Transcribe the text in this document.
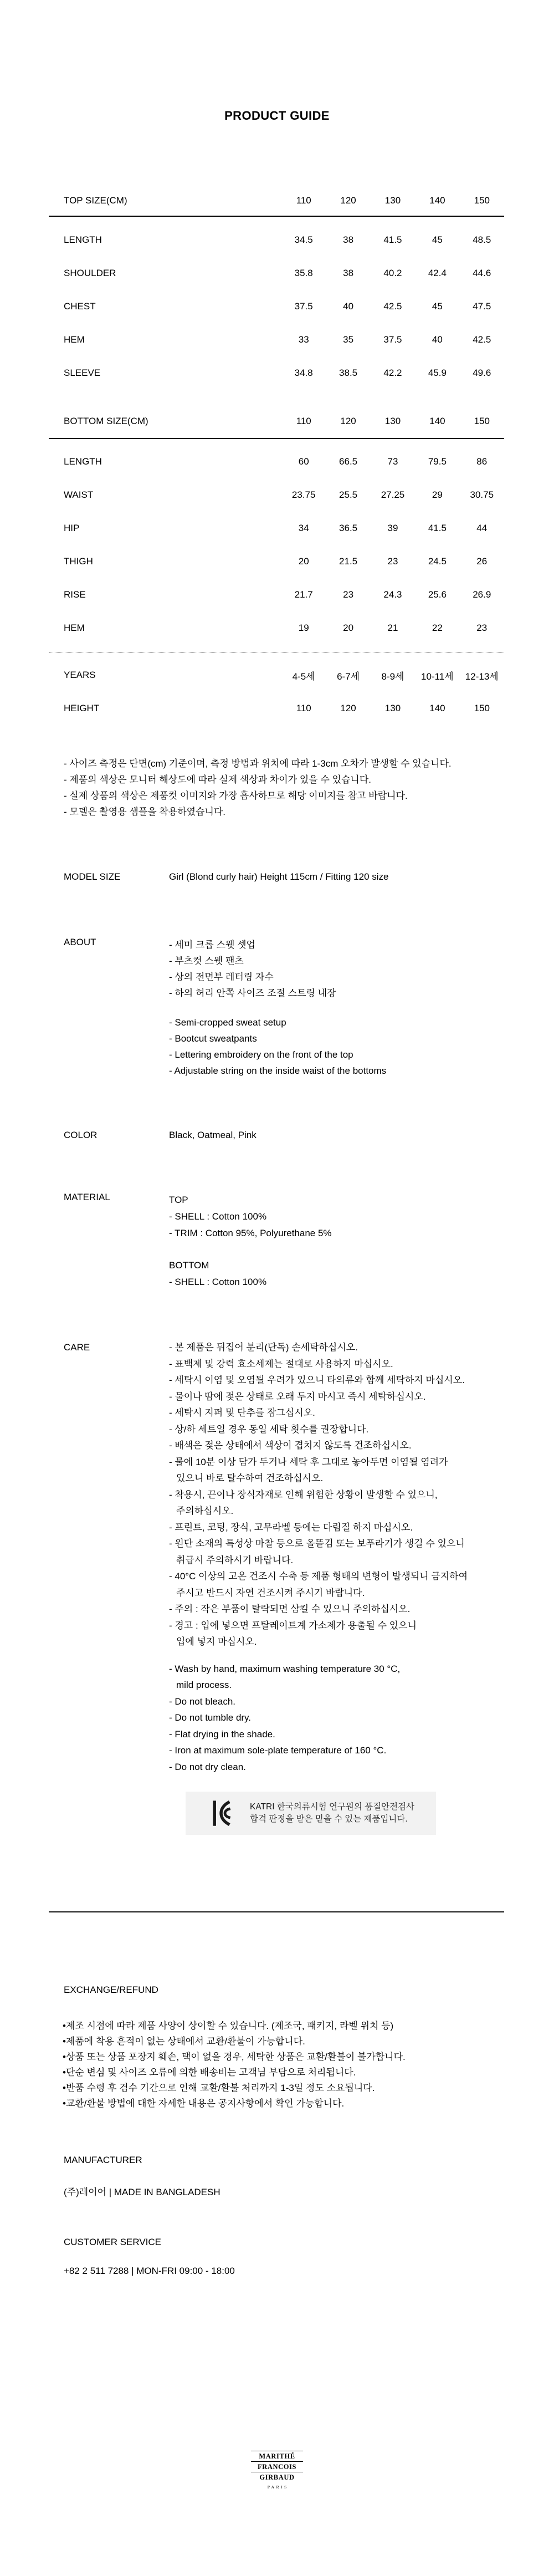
PRODUCT GUIDE
TOP SIZE(CM)	110	120	130	140	150
LENGTH	34.5	38	41.5	45	48.5
SHOULDER	35.8	38	40.2	42.4	44.6
CHEST	37.5	40	42.5	45	47.5
HEM	33	35	37.5	40	42.5
SLEEVE	34.8	38.5	42.2	45.9	49.6
BOTTOM SIZE(CM)	110	120	130	140	150
LENGTH	60	66.5	73	79.5	86
WAIST	23.75	25.5	27.25	29	30.75
HIP	34	36.5	39	41.5	44
THIGH	20	21.5	23	24.5	26
RISE	21.7	23	24.3	25.6	26.9
HEM	19	20	21	22	23
YEARS	4-5세	6-7세	8-9세	10-11세	12-13세
HEIGHT	110	120	130	140	150
- 사이즈 측정은 단면(cm) 기준이며, 측정 방법과 위치에 따라 1-3cm 오차가 발생할 수 있습니다.
- 제품의 색상은 모니터 해상도에 따라 실제 색상과 차이가 있을 수 있습니다.
- 실제 상품의 색상은 제품컷 이미지와 가장 흡사하므로 해당 이미지를 참고 바랍니다.
- 모델은 촬영용 샘플을 착용하였습니다.
MODEL SIZE	Girl (Blond curly hair) Height 115cm / Fitting 120 size
ABOUT	- 세미 크롭 스웻 셋업
- 부츠컷 스웻 팬츠
- 상의 전면부 레터링 자수
- 하의 허리 안쪽 사이즈 조절 스트링 내장
- Semi-cropped sweat setup
- Bootcut sweatpants
- Lettering embroidery on the front of the top
- Adjustable string on the inside waist of the bottoms
COLOR	Black, Oatmeal, Pink
MATERIAL	TOP
- SHELL : Cotton 100%
- TRIM : Cotton 95%, Polyurethane 5%
BOTTOM
- SHELL : Cotton 100%
CARE	- 본 제품은 뒤집어 분리(단독) 손세탁하십시오.
- 표백제 및 강력 효소세제는 절대로 사용하지 마십시오.
- 세탁시 이염 및 오염될 우려가 있으니 타의류와 함께 세탁하지 마십시오.
- 물이나 땀에 젖은 상태로 오래 두지 마시고 즉시 세탁하십시오.
- 세탁시 지퍼 및 단추를 잠그십시오.
- 상/하 세트일 경우 동일 세탁 횟수를 권장합니다.
- 배색은 젖은 상태에서 색상이 겹치지 않도록 건조하십시오.
- 물에 10분 이상 담가 두거나 세탁 후 그대로 놓아두면 이염될 염려가
있으니 바로 탈수하여 건조하십시오.
- 착용시, 끈이나 장식자재로 인해 위험한 상황이 발생할 수 있으니,
주의하십시오.
- 프린트, 코팅, 장식, 고무라벨 등에는 다림질 하지 마십시오.
- 원단 소재의 특성상 마찰 등으로 올뜯김 또는 보푸라기가 생길 수 있으니
취급시 주의하시기 바랍니다.
- 40°C 이상의 고온 건조시 수축 등 제품 형태의 변형이 발생되니 금지하여
주시고 반드시 자연 건조시켜 주시기 바랍니다.
- 주의 : 작은 부품이 탈락되면 삼킬 수 있으니 주의하십시오.
- 경고 : 입에 넣으면 프탈레이트계 가소제가 용출될 수 있으니
입에 넣지 마십시오.
- Wash by hand, maximum washing temperature 30 °C,
mild process.
- Do not bleach.
- Do not tumble dry.
- Flat drying in the shade.
- Iron at maximum sole-plate temperature of 160 °C.
- Do not dry clean.
KATRI 한국의류시험 연구원의 품질안전검사
합격 판정을 받은 믿을 수 있는 제품입니다.
EXCHANGE/REFUND
•제조 시점에 따라 제품 사양이 상이할 수 있습니다. (제조국, 패키지, 라벨 위치 등)
•제품에 착용 흔적이 없는 상태에서 교환/환불이 가능합니다.
•상품 또는 상품 포장지 훼손, 택이 없을 경우, 세탁한 상품은 교환/환불이 불가합니다.
•단순 변심 및 사이즈 오류에 의한 배송비는 고객님 부담으로 처리됩니다.
•반품 수령 후 검수 기간으로 인해 교환/환불 처리까지 1-3일 정도 소요됩니다.
•교환/환불 방법에 대한 자세한 내용은 공지사항에서 확인 가능합니다.
MANUFACTURER
(주)레이어 | MADE IN BANGLADESH
CUSTOMER SERVICE
+82 2 511 7288 | MON-FRI 09:00 - 18:00
MARITHÉ
FRANCOIS
GIRBAUD
PARIS
